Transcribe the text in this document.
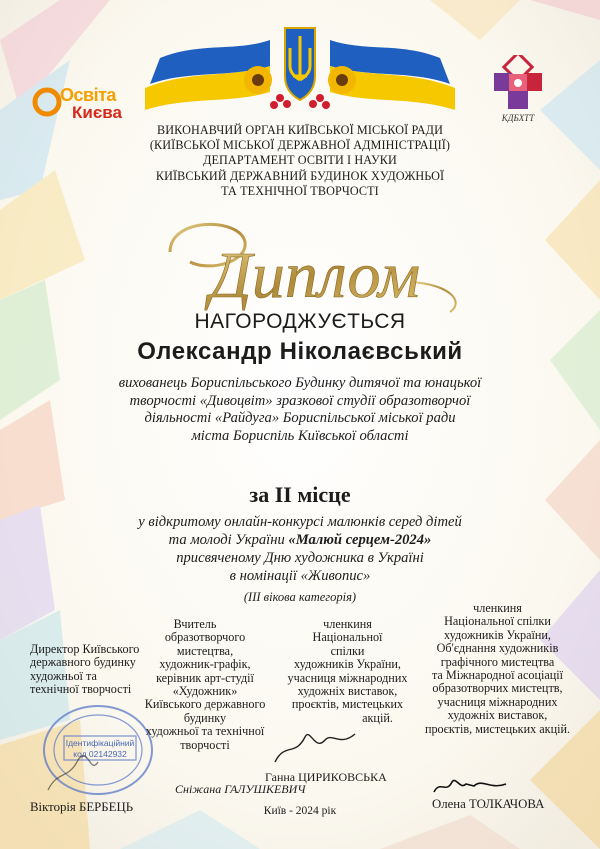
Освіта
Києва	КДБХТТ
ВИКОНАВЧИЙ ОРГАН КИЇВСЬКОЇ МІСЬКОЇ РАДИ
(КИЇВСЬКОЇ МІСЬКОЇ ДЕРЖАВНОЇ АДМІНІСТРАЦІЇ)
ДЕПАРТАМЕНТ ОСВІТИ І НАУКИ
КИЇВСЬКИЙ ДЕРЖАВНИЙ БУДИНОК ХУДОЖНЬОЇ
ТА ТЕХНІЧНОЇ ТВОРЧОСТІ
Диплом
НАГОРОДЖУЄТЬСЯ
Олександр Ніколаєвський
вихованець Бориспільського Будинку дитячої та юнацької
творчості «Дивоцвіт» зразкової студії образотворчої
діяльності «Райдуга» Бориспільської міської ради
міста Бориспіль Київської області
за ІІ місце
у відкритому онлайн-конкурсі малюнків серед дітей
та молоді України «Малюй серцем-2024»
присвяченому Дню художника в Україні
в номінації «Живопис»
(ІІІ вікова категорія)
Директор Київського
державного будинку
художньої та
технічної творчості
Ідентифікаційний
код 02142932
Вікторія БЕРБЕЦЬ
Вчитель
образотворчого
мистецтва,
художник-графік,
керівник арт-студії
«Художник»
Київського державного
будинку
художньої та технічної
творчості
Сніжана ГАЛУШКЕВИЧ
членкиня
Національної
спілки
художників України,
учасниця міжнародних
художніх виставок,
проєктів, мистецьких
акцій.
Ганна ЦИРИКОВСЬКА
членкиня
Національної спілки
художників України,
Об'єднання художників
графічного мистецтва
та Міжнародної асоціації
образотворчих мистецтв,
учасниця міжнародних
художніх виставок,
проєктів, мистецьких акцій.
Олена ТОЛКАЧОВА
Київ - 2024 рік
